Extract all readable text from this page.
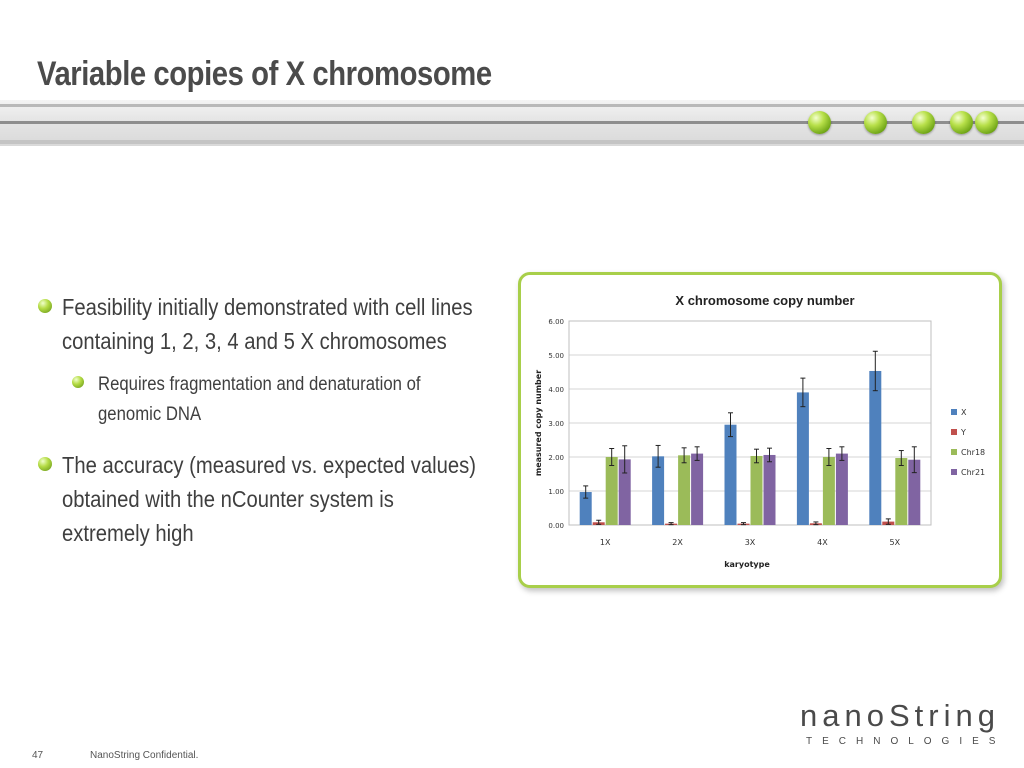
Variable copies of X chromosome
Feasibility initially demonstrated with cell lines containing 1, 2, 3, 4 and 5 X chromosomes
Requires fragmentation and denaturation of genomic DNA
The accuracy (measured vs. expected values) obtained with the nCounter system is extremely high
X chromosome copy number
0.00
1.00
2.00
3.00
4.00
5.00
6.00
1X	2X	3X	4X	5X
karyotype
measured copy number	X
Y
Chr18
Chr21
47	NanoString Confidential.
nanoString
TECHNOLOGIES
